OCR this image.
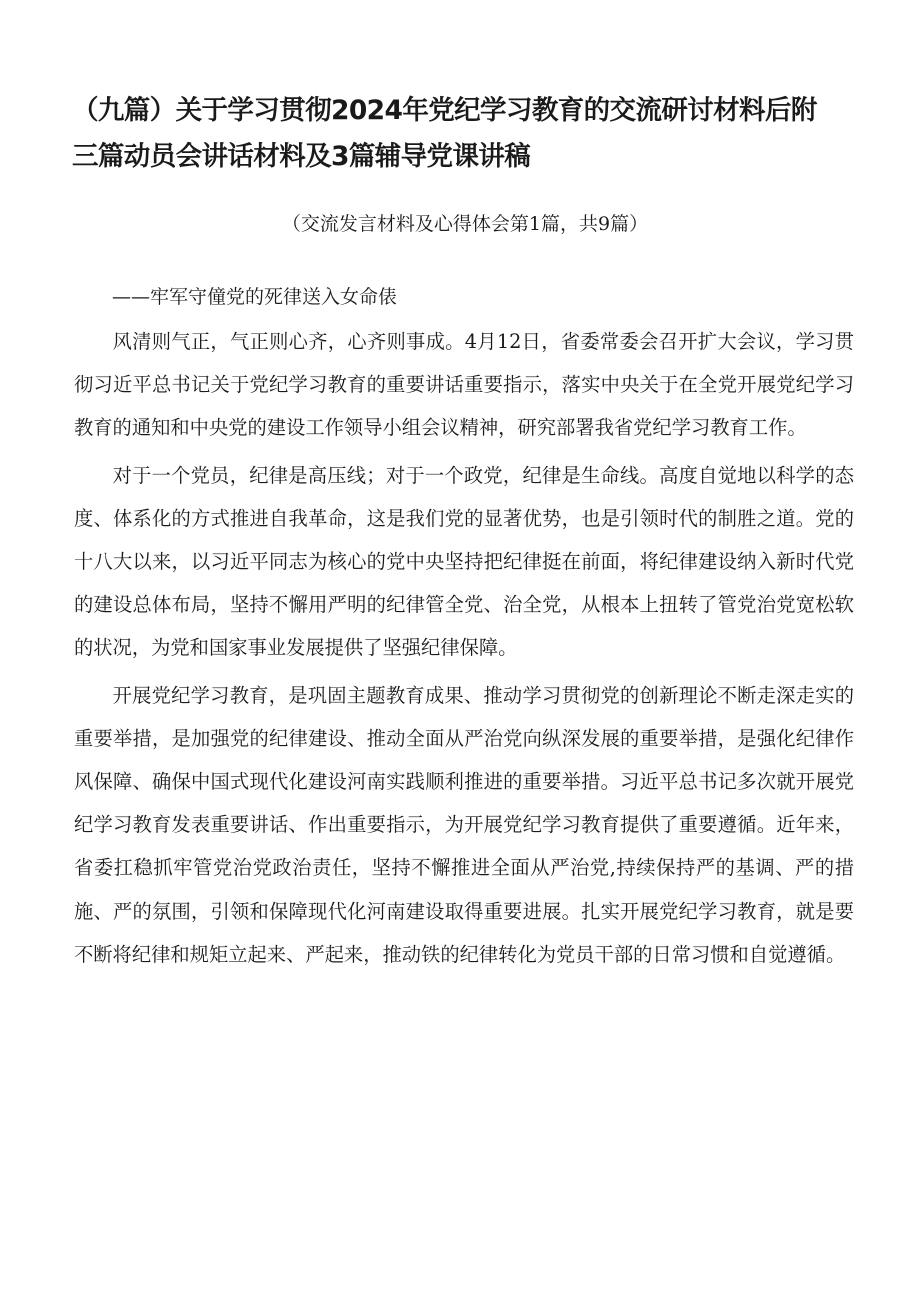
（九篇）关于学习贯彻2024年党纪学习教育的交流研讨材料后附
三篇动员会讲话材料及3篇辅导党课讲稿

（交流发言材料及心得体会第1篇，共9篇）

——牢军守僮党的死律送入女命俵

风清则气正，气正则心齐，心齐则事成。4月12日，省委常委会召开扩大会议，学习贯彻习近平总书记关于党纪学习教育的重要讲话重要指示，落实中央关于在全党开展党纪学习教育的通知和中央党的建设工作领导小组会议精神，研究部署我省党纪学习教育工作。

对于一个党员，纪律是高压线；对于一个政党，纪律是生命线。高度自觉地以科学的态度、体系化的方式推进自我革命，这是我们党的显著优势，也是引领时代的制胜之道。党的十八大以来，以习近平同志为核心的党中央坚持把纪律挺在前面，将纪律建设纳入新时代党的建设总体布局，坚持不懈用严明的纪律管全党、治全党，从根本上扭转了管党治党宽松软的状况，为党和国家事业发展提供了坚强纪律保障。

开展党纪学习教育，是巩固主题教育成果、推动学习贯彻党的创新理论不断走深走实的重要举措，是加强党的纪律建设、推动全面从严治党向纵深发展的重要举措，是强化纪律作风保障、确保中国式现代化建设河南实践顺利推进的重要举措。习近平总书记多次就开展党纪学习教育发表重要讲话、作出重要指示，为开展党纪学习教育提供了重要遵循。近年来，省委扛稳抓牢管党治党政治责任，坚持不懈推进全面从严治党,持续保持严的基调、严的措施、严的氛围，引领和保障现代化河南建设取得重要进展。扎实开展党纪学习教育，就是要不断将纪律和规矩立起来、严起来，推动铁的纪律转化为党员干部的日常习惯和自觉遵循。
